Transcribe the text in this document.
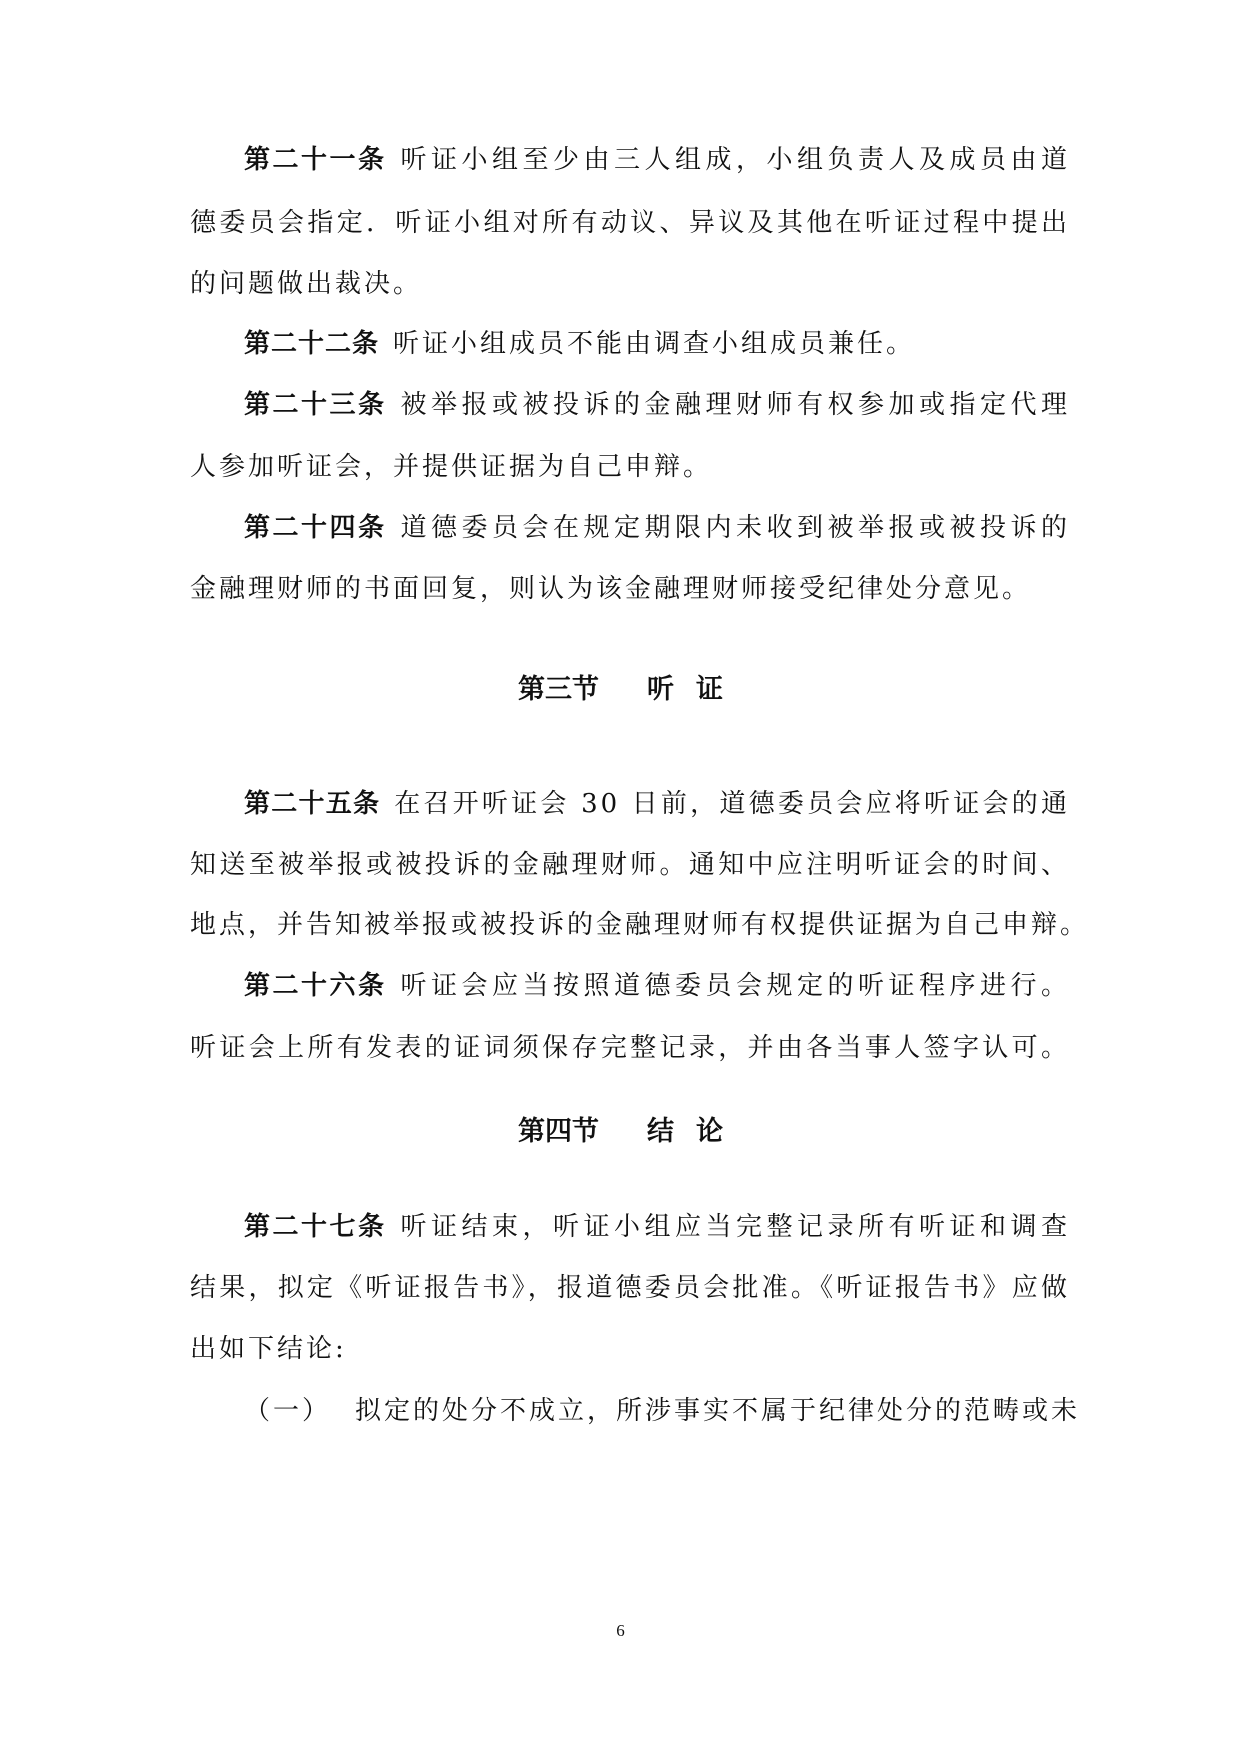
第二十一条 听证小组至少由三人组成，小组负责人及成员由道
德委员会指定．听证小组对所有动议、异议及其他在听证过程中提出
的问题做出裁决。
第二十二条 听证小组成员不能由调查小组成员兼任。
第二十三条 被举报或被投诉的金融理财师有权参加或指定代理
人参加听证会，并提供证据为自己申辩。
第二十四条 道德委员会在规定期限内未收到被举报或被投诉的
金融理财师的书面回复，则认为该金融理财师接受纪律处分意见。
第三节 听证
第二十五条 在召开听证会 30 日前，道德委员会应将听证会的通
知送至被举报或被投诉的金融理财师。通知中应注明听证会的时间、
地点，并告知被举报或被投诉的金融理财师有权提供证据为自己申辩。
第二十六条 听证会应当按照道德委员会规定的听证程序进行。
听证会上所有发表的证词须保存完整记录，并由各当事人签字认可。
第四节 结论
第二十七条 听证结束，听证小组应当完整记录所有听证和调查
结果，拟定《听证报告书》，报道德委员会批准。《听证报告书》应做
出如下结论:
（一） 拟定的处分不成立，所涉事实不属于纪律处分的范畴或未
6
